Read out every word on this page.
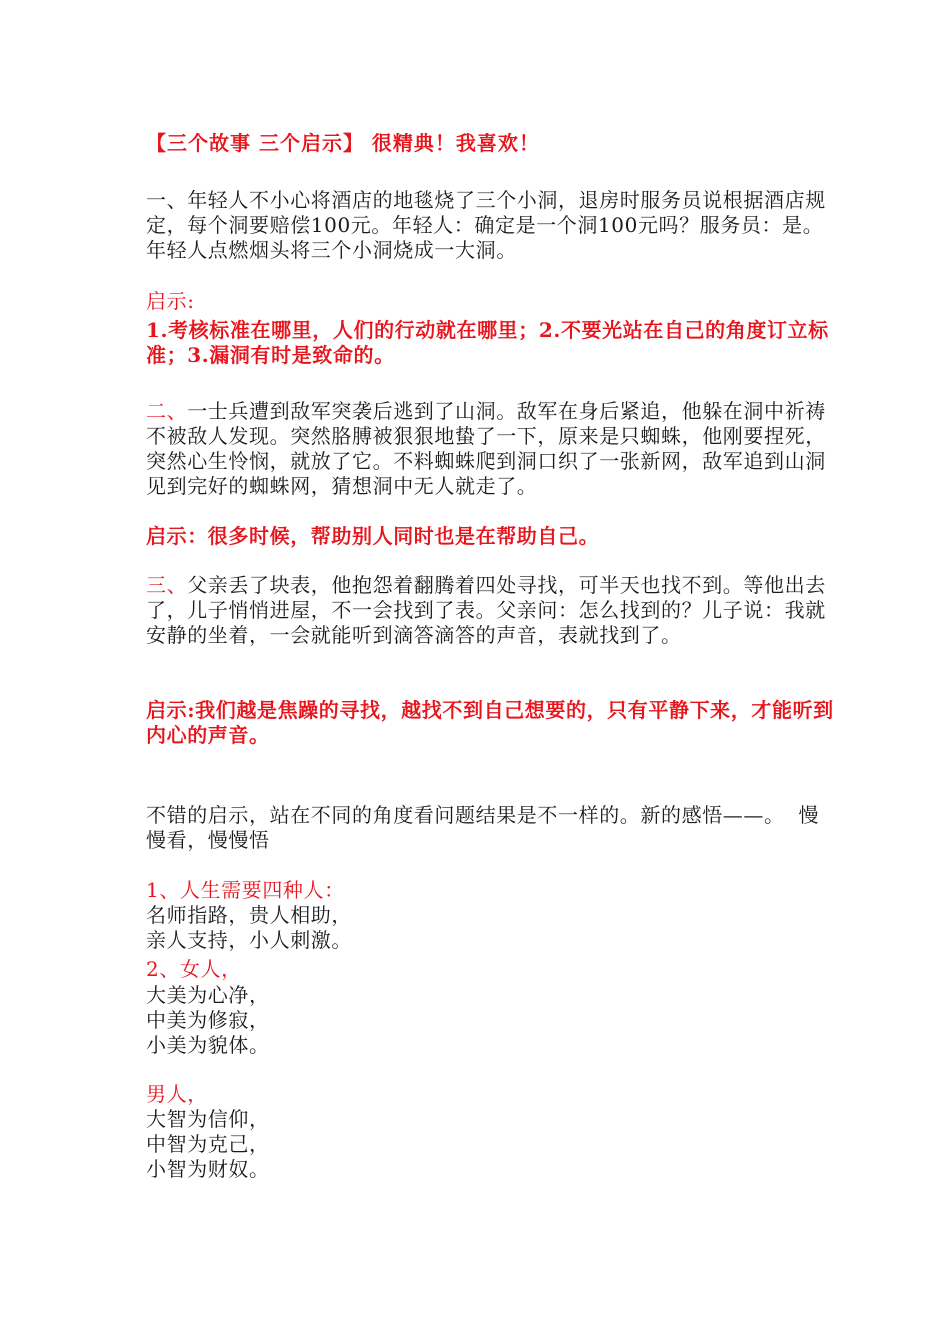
【三个故事 三个启示】 很精典！我喜欢！
一、年轻人不小心将酒店的地毯烧了三个小洞，退房时服务员说根据酒店规定，每个洞要赔偿100元。年轻人：确定是一个洞100元吗？服务员：是。年轻人点燃烟头将三个小洞烧成一大洞。
启示:
1.考核标准在哪里，人们的行动就在哪里；2.不要光站在自己的角度订立标准；3.漏洞有时是致命的。
二、一士兵遭到敌军突袭后逃到了山洞。敌军在身后紧追，他躲在洞中祈祷不被敌人发现。突然胳膊被狠狠地蛰了一下，原来是只蜘蛛，他刚要捏死，突然心生怜悯，就放了它。不料蜘蛛爬到洞口织了一张新网，敌军追到山洞见到完好的蜘蛛网，猜想洞中无人就走了。
启示：很多时候，帮助别人同时也是在帮助自己。
三、父亲丢了块表，他抱怨着翻腾着四处寻找，可半天也找不到。等他出去了，儿子悄悄进屋，不一会找到了表。父亲问：怎么找到的？儿子说：我就安静的坐着，一会就能听到滴答滴答的声音，表就找到了。
启示:我们越是焦躁的寻找，越找不到自己想要的，只有平静下来，才能听到内心的声音。
不错的启示，站在不同的角度看问题结果是不一样的。新的感悟——。  慢慢看，慢慢悟
1、人生需要四种人：
名师指路，贵人相助，
亲人支持，小人刺激。
2、女人，
大美为心净，
中美为修寂，
小美为貌体。
男人，
大智为信仰，
中智为克己，
小智为财奴。
